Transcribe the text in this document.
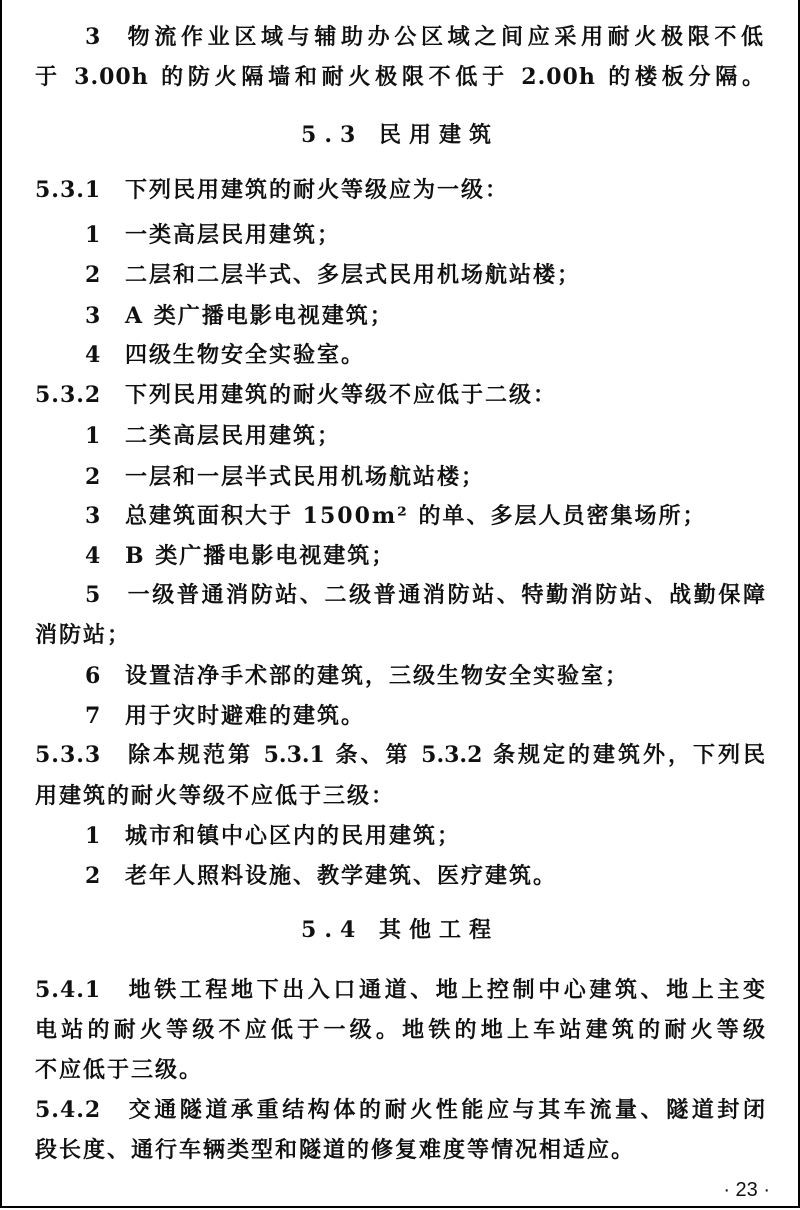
3 物流作业区域与辅助办公区域之间应采用耐火极限不低
于 3.00h 的防火隔墙和耐火极限不低于 2.00h 的楼板分隔。
5.3 民用建筑
5.3.1 下列民用建筑的耐火等级应为一级：
1 一类高层民用建筑；
2 二层和二层半式、多层式民用机场航站楼；
3 A 类广播电影电视建筑；
4 四级生物安全实验室。
5.3.2 下列民用建筑的耐火等级不应低于二级：
1 二类高层民用建筑；
2 一层和一层半式民用机场航站楼；
3 总建筑面积大于 1500m² 的单、多层人员密集场所；
4 B 类广播电影电视建筑；
5 一级普通消防站、二级普通消防站、特勤消防站、战勤保障
消防站；
6 设置洁净手术部的建筑，三级生物安全实验室；
7 用于灾时避难的建筑。
5.3.3 除本规范第 5.3.1 条、第 5.3.2 条规定的建筑外，下列民
用建筑的耐火等级不应低于三级：
1 城市和镇中心区内的民用建筑；
2 老年人照料设施、教学建筑、医疗建筑。
5.4 其他工程
5.4.1 地铁工程地下出入口通道、地上控制中心建筑、地上主变
电站的耐火等级不应低于一级。地铁的地上车站建筑的耐火等级
不应低于三级。
5.4.2 交通隧道承重结构体的耐火性能应与其车流量、隧道封闭
段长度、通行车辆类型和隧道的修复难度等情况相适应。
· 23 ·
